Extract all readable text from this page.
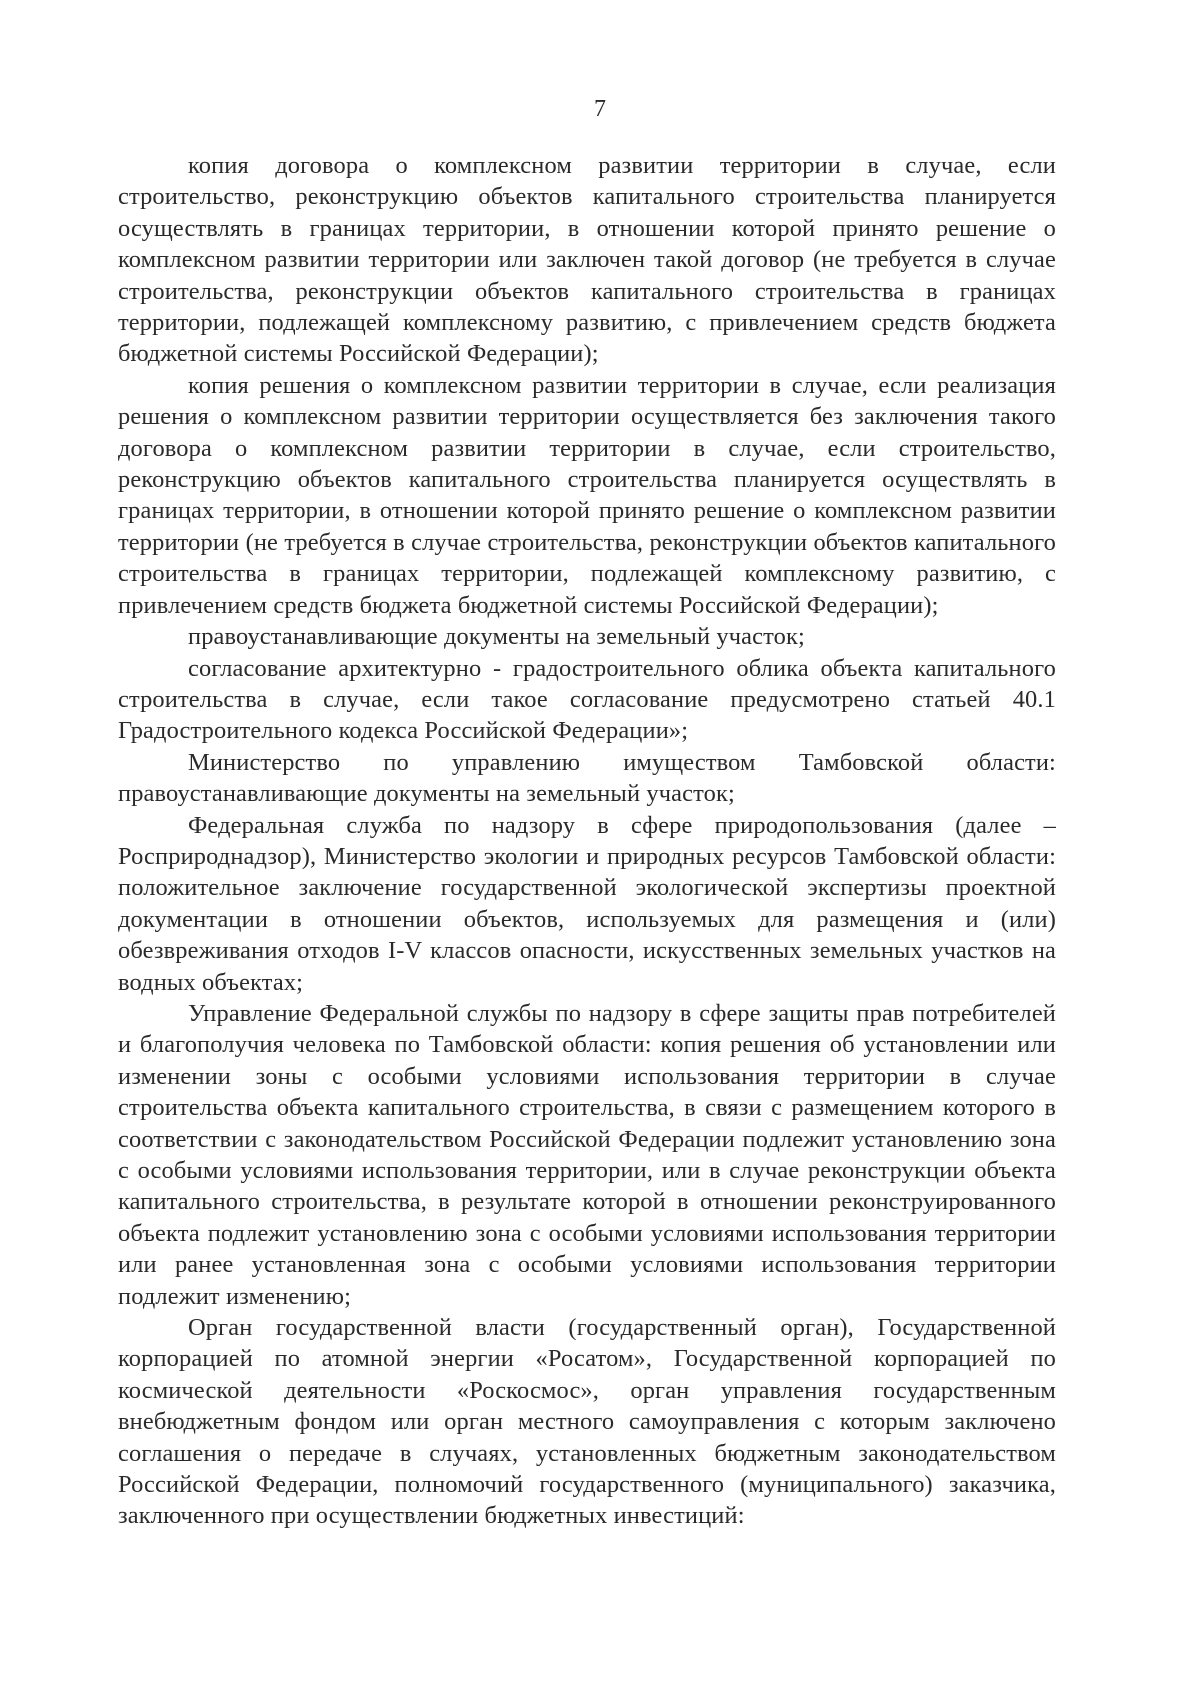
7

копия договора о комплексном развитии территории в случае, если строительство, реконструкцию объектов капитального строительства планируется осуществлять в границах территории, в отношении которой принято решение о комплексном развитии территории или заключен такой договор (не требуется в случае строительства, реконструкции объектов капитального строительства в границах территории, подлежащей комплексному развитию, с привлечением средств бюджета бюджетной системы Российской Федерации);

копия решения о комплексном развитии территории в случае, если реализация решения о комплексном развитии территории осуществляется без заключения такого договора о комплексном развитии территории в случае, если строительство, реконструкцию объектов капитального строительства планируется осуществлять в границах территории, в отношении которой принято решение о комплексном развитии территории (не требуется в случае строительства, реконструкции объектов капитального строительства в границах территории, подлежащей комплексному развитию, с привлечением средств бюджета бюджетной системы Российской Федерации);

правоустанавливающие документы на земельный участок;

согласование архитектурно - градостроительного облика объекта капитального строительства в случае, если такое согласование предусмотрено статьей 40.1 Градостроительного кодекса Российской Федерации»;

Министерство по управлению имуществом Тамбовской области: правоустанавливающие документы на земельный участок;

Федеральная служба по надзору в сфере природопользования (далее – Росприроднадзор), Министерство экологии и природных ресурсов Тамбовской области: положительное заключение государственной экологической экспертизы проектной документации в отношении объектов, используемых для размещения и (или) обезвреживания отходов I-V классов опасности, искусственных земельных участков на водных объектах;

Управление Федеральной службы по надзору в сфере защиты прав потребителей и благополучия человека по Тамбовской области: копия решения об установлении или изменении зоны с особыми условиями использования территории в случае строительства объекта капитального строительства, в связи с размещением которого в соответствии с законодательством Российской Федерации подлежит установлению зона с особыми условиями использования территории, или в случае реконструкции объекта капитального строительства, в результате которой в отношении реконструированного объекта подлежит установлению зона с особыми условиями использования территории или ранее установленная зона с особыми условиями использования территории подлежит изменению;

Орган государственной власти (государственный орган), Государственной корпорацией по атомной энергии «Росатом», Государственной корпорацией по космической деятельности «Роскосмос», орган управления государственным внебюджетным фондом или орган местного самоуправления с которым заключено соглашения о передаче в случаях, установленных бюджетным законодательством Российской Федерации, полномочий государственного (муниципального) заказчика, заключенного при осуществлении бюджетных инвестиций:
